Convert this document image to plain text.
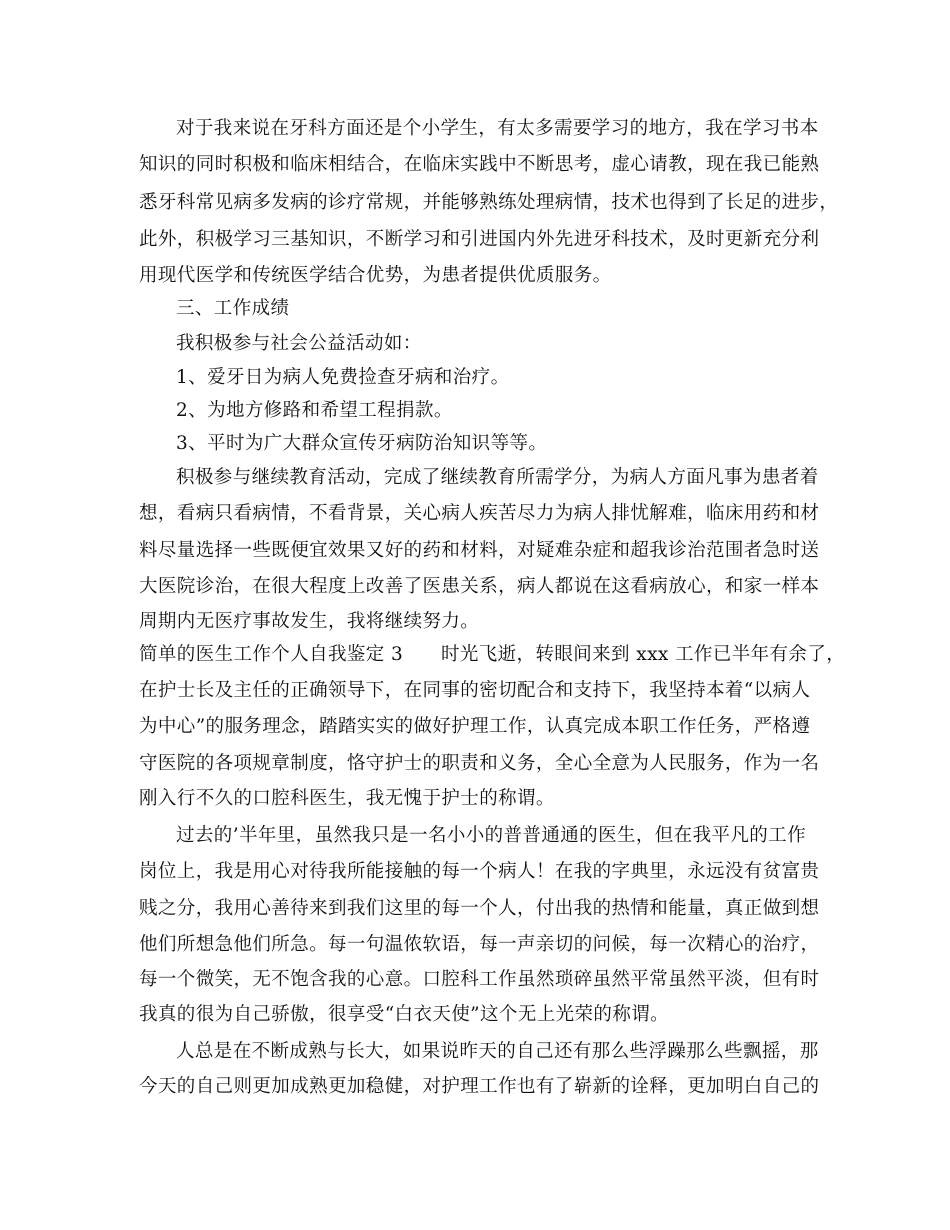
对于我来说在牙科方面还是个小学生，有太多需要学习的地方，我在学习书本
知识的同时积极和临床相结合，在临床实践中不断思考，虚心请教，现在我已能熟
悉牙科常见病多发病的诊疗常规，并能够熟练处理病情，技术也得到了长足的进步，
此外，积极学习三基知识，不断学习和引进国内外先进牙科技术，及时更新充分利
用现代医学和传统医学结合优势，为患者提供优质服务。
三、工作成绩
我积极参与社会公益活动如：
1、爱牙日为病人免费捡查牙病和治疗。
2、为地方修路和希望工程捐款。
3、平时为广大群众宣传牙病防治知识等等。
积极参与继续教育活动，完成了继续教育所需学分，为病人方面凡事为患者着
想，看病只看病情，不看背景，关心病人疾苦尽力为病人排忧解难，临床用药和材
料尽量选择一些既便宜效果又好的药和材料，对疑难杂症和超我诊治范围者急时送
大医院诊治，在很大程度上改善了医患关系，病人都说在这看病放心，和家一样本
周期内无医疗事故发生，我将继续努力。
简单的医生工作个人自我鉴定 3　　时光飞逝，转眼间来到 xxx 工作已半年有余了，
在护士长及主任的正确领导下，在同事的密切配合和支持下，我坚持本着“以病人
为中心”的服务理念，踏踏实实的做好护理工作，认真完成本职工作任务，严格遵
守医院的各项规章制度，恪守护士的职责和义务，全心全意为人民服务，作为一名
刚入行不久的口腔科医生，我无愧于护士的称谓。
过去的’半年里，虽然我只是一名小小的普普通通的医生，但在我平凡的工作
岗位上，我是用心对待我所能接触的每一个病人！在我的字典里，永远没有贫富贵
贱之分，我用心善待来到我们这里的每一个人，付出我的热情和能量，真正做到想
他们所想急他们所急。每一句温侬软语，每一声亲切的问候，每一次精心的治疗，
每一个微笑，无不饱含我的心意。口腔科工作虽然琐碎虽然平常虽然平淡，但有时
我真的很为自己骄傲，很享受“白衣天使”这个无上光荣的称谓。
人总是在不断成熟与长大，如果说昨天的自己还有那么些浮躁那么些飘摇，那
今天的自己则更加成熟更加稳健，对护理工作也有了崭新的诠释，更加明白自己的
